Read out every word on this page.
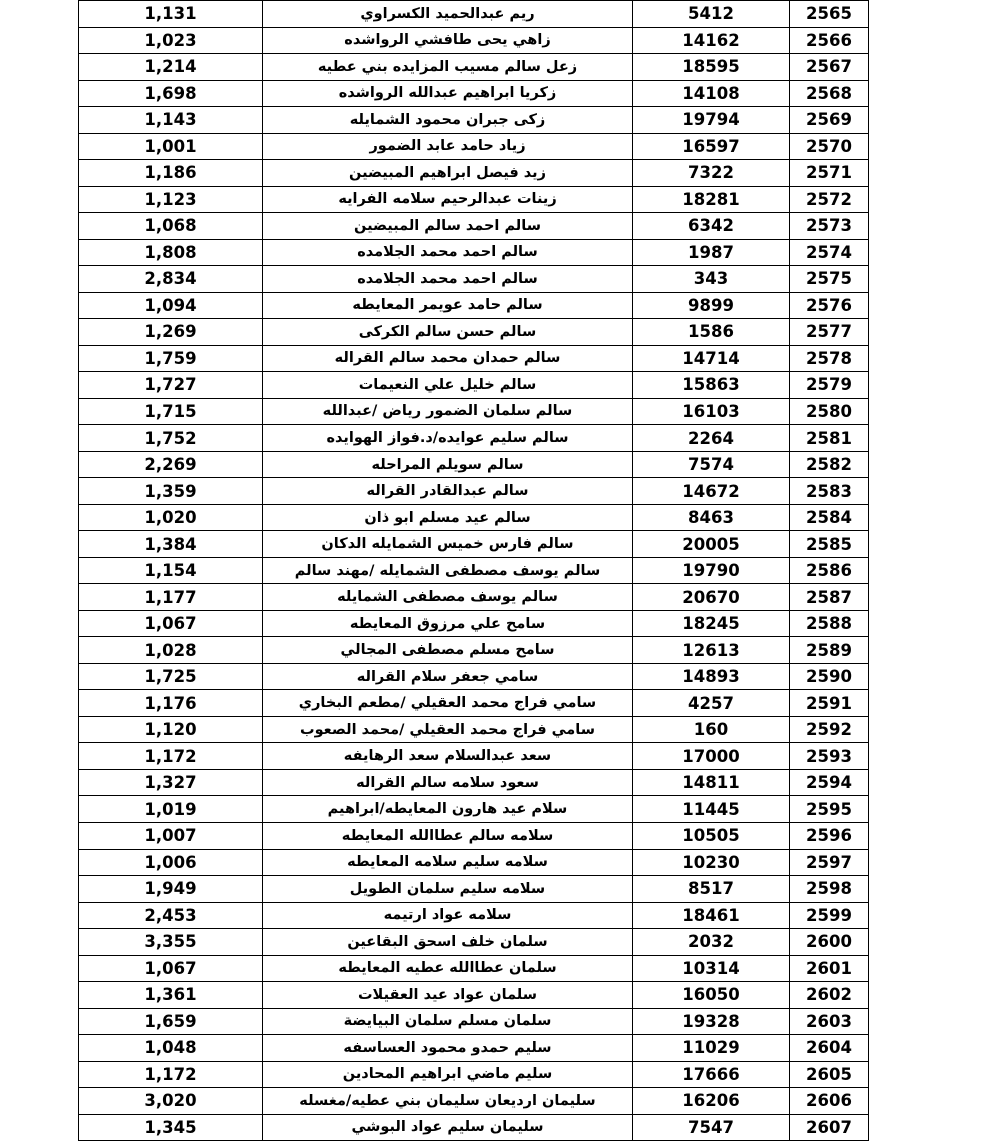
1,131	ريم عبدالحميد الكسراوي	5412	2565
1,023	زاهي يحى طافشي الرواشده	14162	2566
1,214	زعل سالم مسيب المزايده بني عطيه	18595	2567
1,698	زكريا ابراهيم عبدالله الرواشده	14108	2568
1,143	زكى جبران محمود الشمايله	19794	2569
1,001	زياد حامد عابد الضمور	16597	2570
1,186	زيد فيصل ابراهيم المبيضين	7322	2571
1,123	زينات عبدالرحيم سلامه الفرايه	18281	2572
1,068	سالم احمد سالم المبيضين	6342	2573
1,808	سالم احمد محمد الجلامده	1987	2574
2,834	سالم احمد محمد الجلامده	343	2575
1,094	سالم حامد عويمر المعايطه	9899	2576
1,269	سالم حسن سالم الكركى	1586	2577
1,759	سالم حمدان محمد سالم القراله	14714	2578
1,727	سالم خليل علي النعيمات	15863	2579
1,715	سالم سلمان الضمور رياض /عبدالله	16103	2580
1,752	سالم سليم عوايده/د.فواز الهوايده	2264	2581
2,269	سالم سويلم المراحله	7574	2582
1,359	سالم عبدالقادر القراله	14672	2583
1,020	سالم عيد مسلم ابو ذان	8463	2584
1,384	سالم فارس خميس الشمايله الدكان	20005	2585
1,154	سالم يوسف مصطفى الشمايله /مهند سالم	19790	2586
1,177	سالم يوسف مصطفى الشمايله	20670	2587
1,067	سامح علي مرزوق المعايطه	18245	2588
1,028	سامح مسلم مصطفى المجالي	12613	2589
1,725	سامي جعفر سلام القراله	14893	2590
1,176	سامي فراج محمد العقيلي /مطعم البخاري	4257	2591
1,120	سامي فراج محمد العقيلي /محمد الصعوب	160	2592
1,172	سعد عبدالسلام سعد الرهايفه	17000	2593
1,327	سعود سلامه سالم القراله	14811	2594
1,019	سلام عيد هارون المعايطه/ابراهيم	11445	2595
1,007	سلامه سالم عطاالله المعايطه	10505	2596
1,006	سلامه سليم سلامه المعايطه	10230	2597
1,949	سلامه سليم سلمان الطويل	8517	2598
2,453	سلامه عواد ارتيمه	18461	2599
3,355	سلمان خلف اسحق البقاعين	2032	2600
1,067	سلمان عطاالله عطيه المعايطه	10314	2601
1,361	سلمان عواد عيد العقيلات	16050	2602
1,659	سلمان مسلم سلمان البيايضة	19328	2603
1,048	سليم حمدو محمود العساسفه	11029	2604
1,172	سليم ماضي ابراهيم المحادين	17666	2605
3,020	سليمان ارديعان سليمان بني عطيه/مغسله	16206	2606
1,345	سليمان سليم عواد البوشي	7547	2607
